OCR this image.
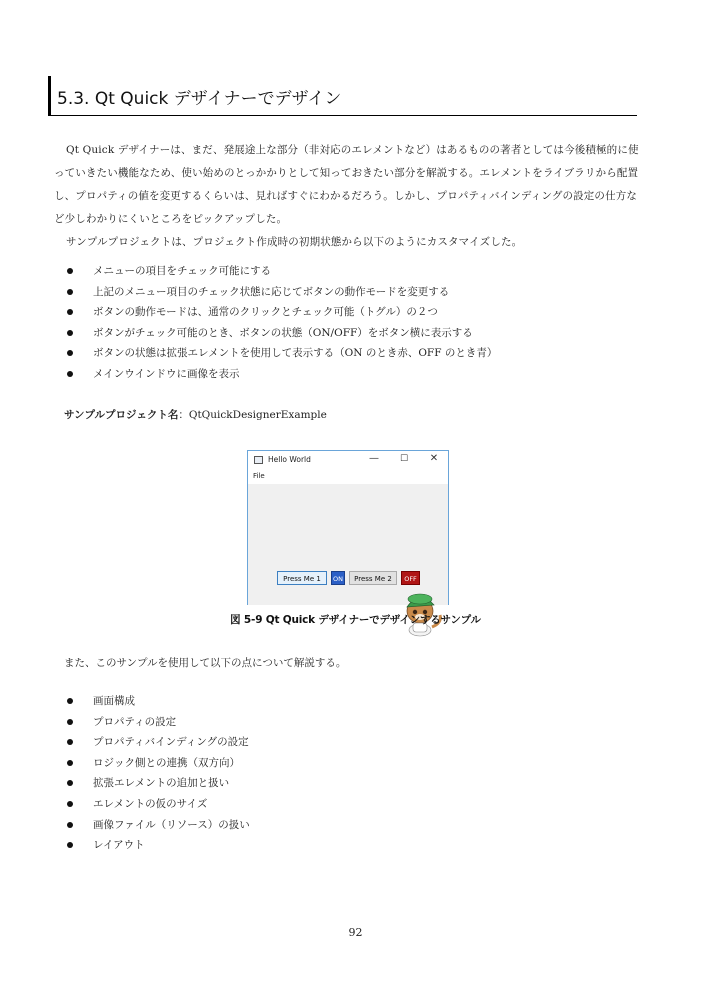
5.3. Qt Quick デザイナーでデザイン

Qt Quick デザイナーは、まだ、発展途上な部分（非対応のエレメントなど）はあるものの著者としては今後積極的に使っていきたい機能なため、使い始めのとっかかりとして知っておきたい部分を解説する。エレメントをライブラリから配置し、プロパティの値を変更するくらいは、見ればすぐにわかるだろう。しかし、プロパティバインディングの設定の仕方など少しわかりにくいところをピックアップした。

サンプルプロジェクトは、プロジェクト作成時の初期状態から以下のようにカスタマイズした。

メニューの項目をチェック可能にする
上記のメニュー項目のチェック状態に応じてボタンの動作モードを変更する
ボタンの動作モードは、通常のクリックとチェック可能（トグル）の２つ
ボタンがチェック可能のとき、ボタンの状態（ON/OFF）をボタン横に表示する
ボタンの状態は拡張エレメントを使用して表示する（ON のとき赤、OFF のとき青）
メインウインドウに画像を表示
サンプルプロジェクト名：QtQuickDesignerExample
Hello World	—	☐	✕
File
Press Me 1	ON	Press Me 2	OFF
図 5-9 Qt Quick デザイナーでデザインするサンプル
また、このサンプルを使用して以下の点について解説する。
画面構成
プロパティの設定
プロパティバインディングの設定
ロジック側との連携（双方向）
拡張エレメントの追加と扱い
エレメントの仮のサイズ
画像ファイル（リソース）の扱い
レイアウト
92
